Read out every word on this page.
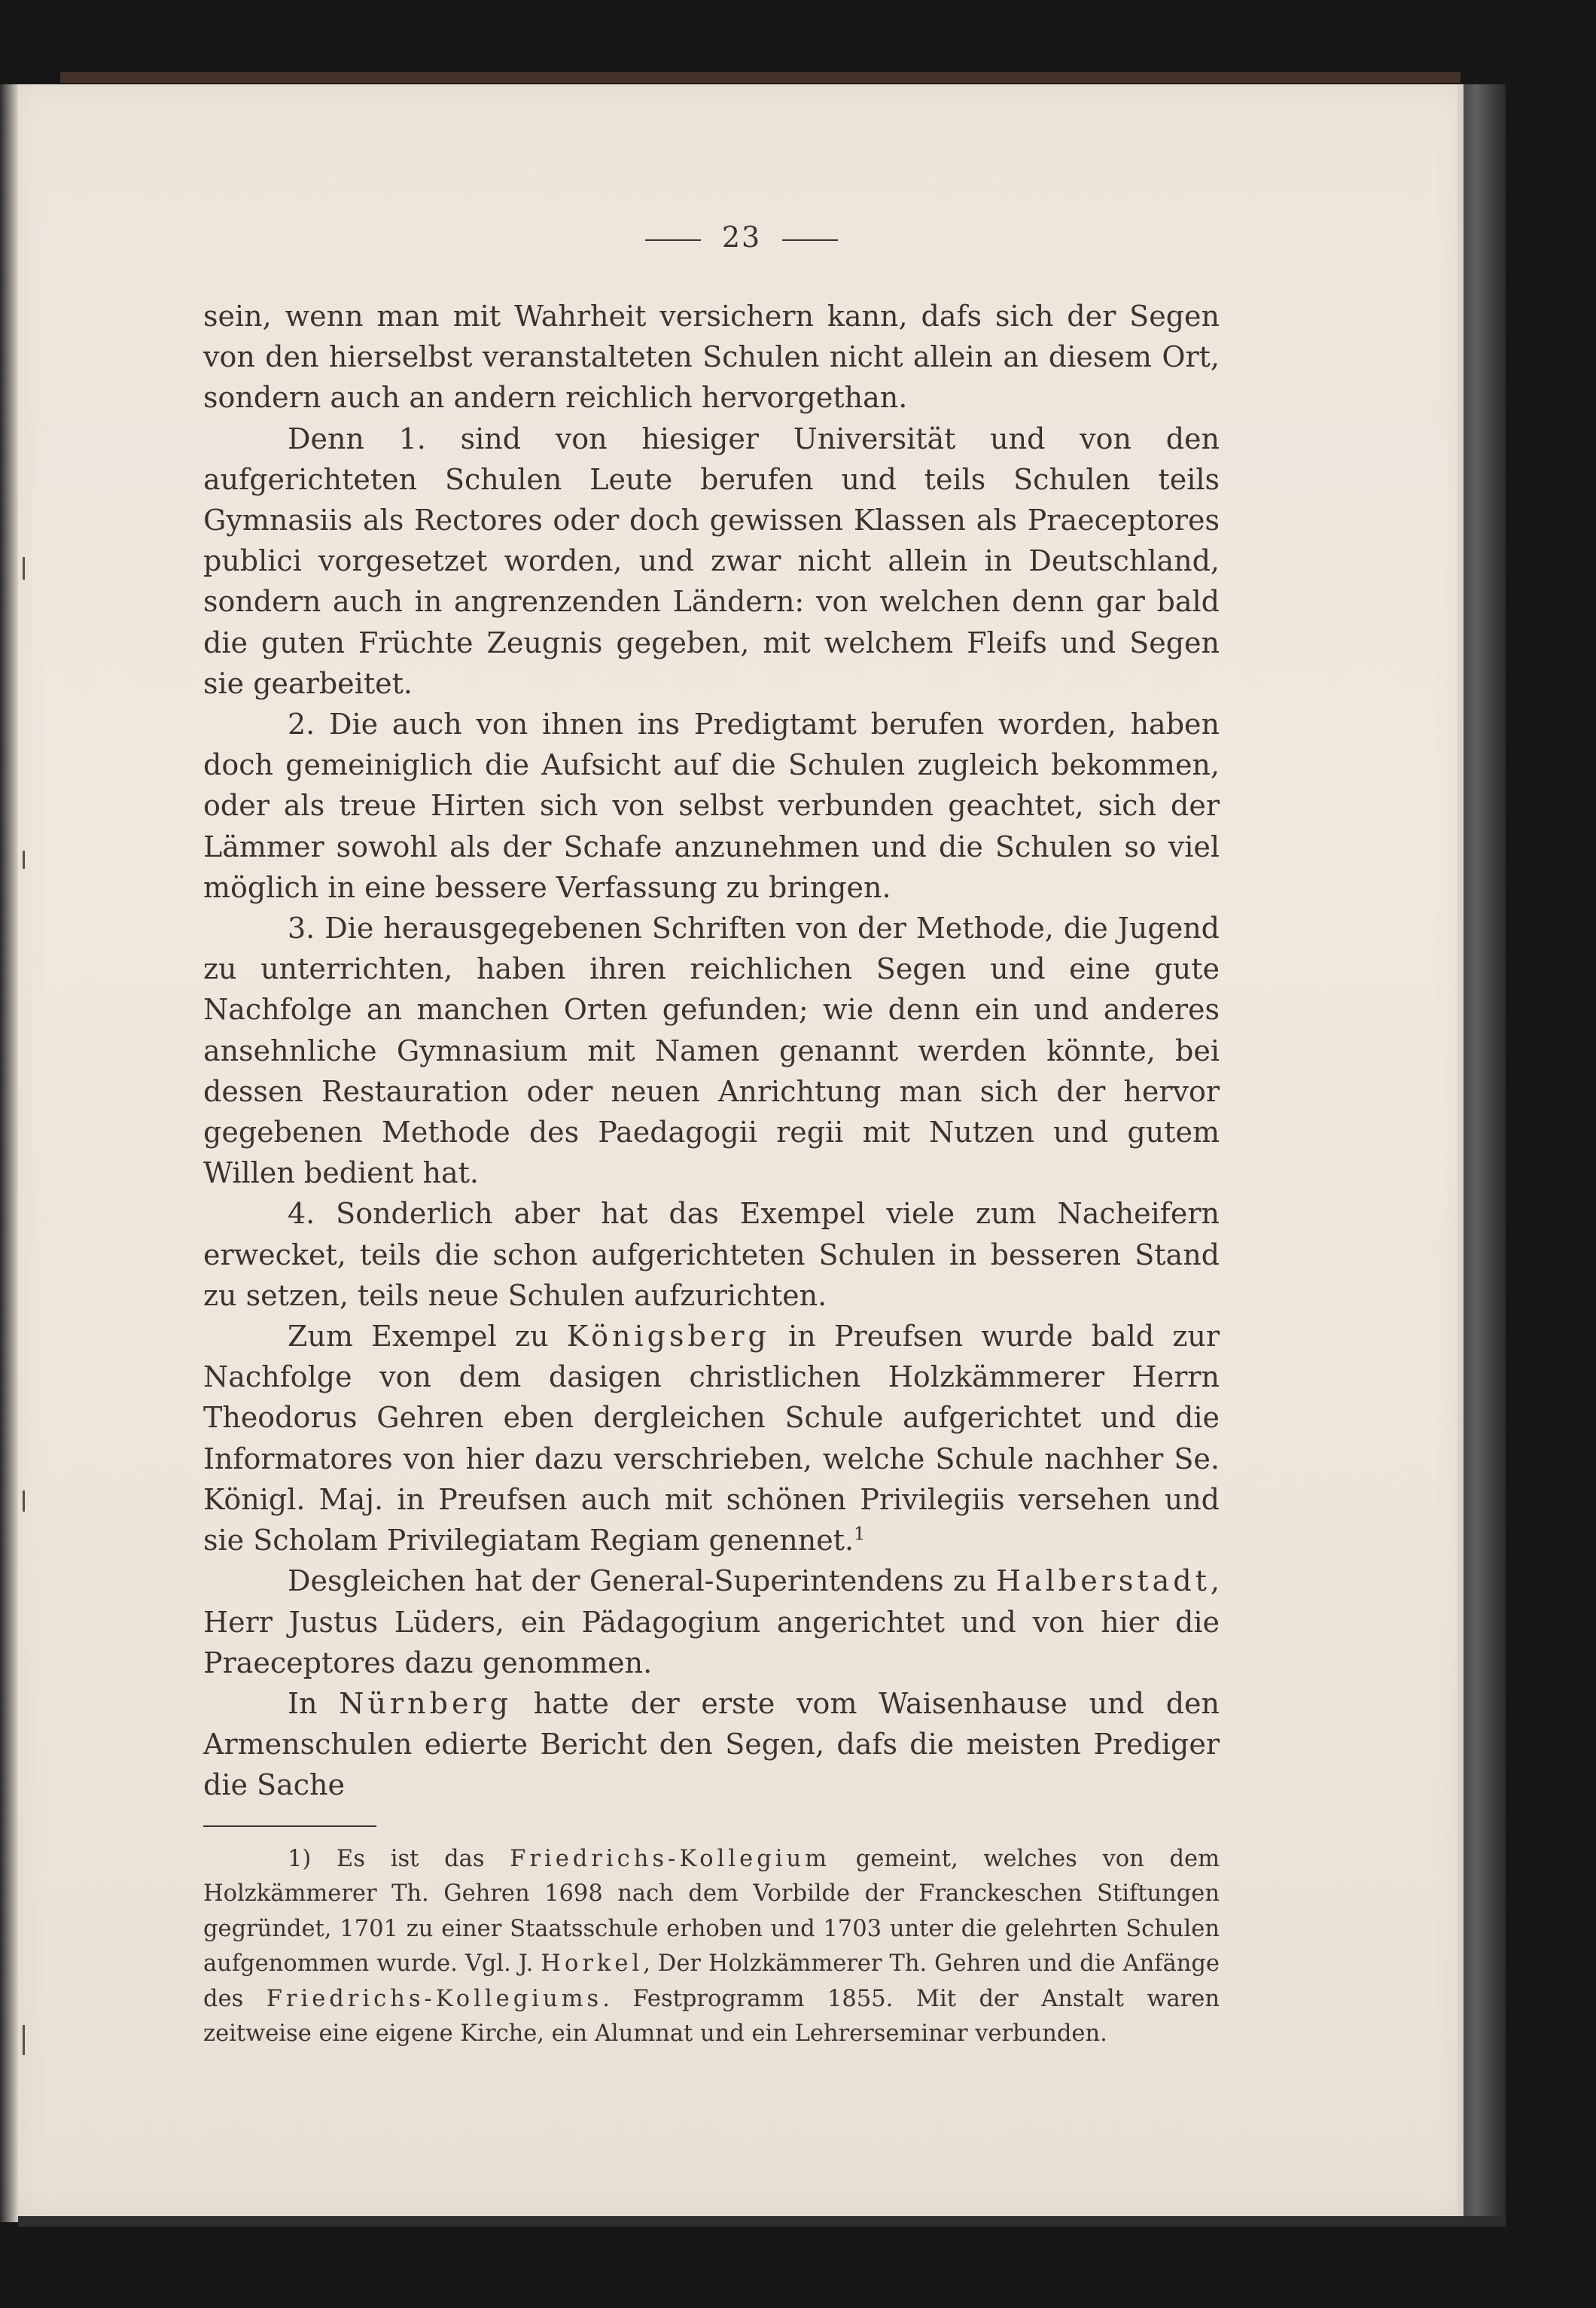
23

sein, wenn man mit Wahrheit versichern kann, dafs sich der Segen von den hierselbst veranstalteten Schulen nicht allein an diesem Ort, sondern auch an andern reichlich hervorgethan.

Denn 1. sind von hiesiger Universität und von den aufgerichteten Schulen Leute berufen und teils Schulen teils Gymnasiis als Rectores oder doch gewissen Klassen als Praeceptores publici vorgesetzet worden, und zwar nicht allein in Deutschland, sondern auch in angrenzenden Ländern: von welchen denn gar bald die guten Früchte Zeugnis gegeben, mit welchem Fleifs und Segen sie gearbeitet.

2. Die auch von ihnen ins Predigtamt berufen worden, haben doch gemeiniglich die Aufsicht auf die Schulen zugleich bekommen, oder als treue Hirten sich von selbst verbunden geachtet, sich der Lämmer sowohl als der Schafe anzunehmen und die Schulen so viel möglich in eine bessere Verfassung zu bringen.

3. Die herausgegebenen Schriften von der Methode, die Jugend zu unterrichten, haben ihren reichlichen Segen und eine gute Nachfolge an manchen Orten gefunden; wie denn ein und anderes ansehnliche Gymnasium mit Namen genannt werden könnte, bei dessen Restauration oder neuen Anrichtung man sich der hervor gegebenen Methode des Paedagogii regii mit Nutzen und gutem Willen bedient hat.

4. Sonderlich aber hat das Exempel viele zum Nacheifern erwecket, teils die schon aufgerichteten Schulen in besseren Stand zu setzen, teils neue Schulen aufzurichten.

Zum Exempel zu Königsberg in Preufsen wurde bald zur Nachfolge von dem dasigen christlichen Holzkämmerer Herrn Theodorus Gehren eben dergleichen Schule aufgerichtet und die Informatores von hier dazu verschrieben, welche Schule nachher Se. Königl. Maj. in Preufsen auch mit schönen Privilegiis versehen und sie Scholam Privilegiatam Regiam genennet.$^1$

Desgleichen hat der General-Superintendens zu Halberstadt, Herr Justus Lüders, ein Pädagogium angerichtet und von hier die Praeceptores dazu genommen.

In Nürnberg hatte der erste vom Waisenhause und den Armenschulen edierte Bericht den Segen, dafs die meisten Prediger die Sache

1) Es ist das Friedrichs-Kollegium gemeint, welches von dem Holzkämmerer Th. Gehren 1698 nach dem Vorbilde der Franckeschen Stiftungen gegründet, 1701 zu einer Staatsschule erhoben und 1703 unter die gelehrten Schulen aufgenommen wurde. Vgl. J. Horkel, Der Holzkämmerer Th. Gehren und die Anfänge des Friedrichs-Kollegiums. Festprogramm 1855. Mit der Anstalt waren zeitweise eine eigene Kirche, ein Alumnat und ein Lehrerseminar verbunden.
